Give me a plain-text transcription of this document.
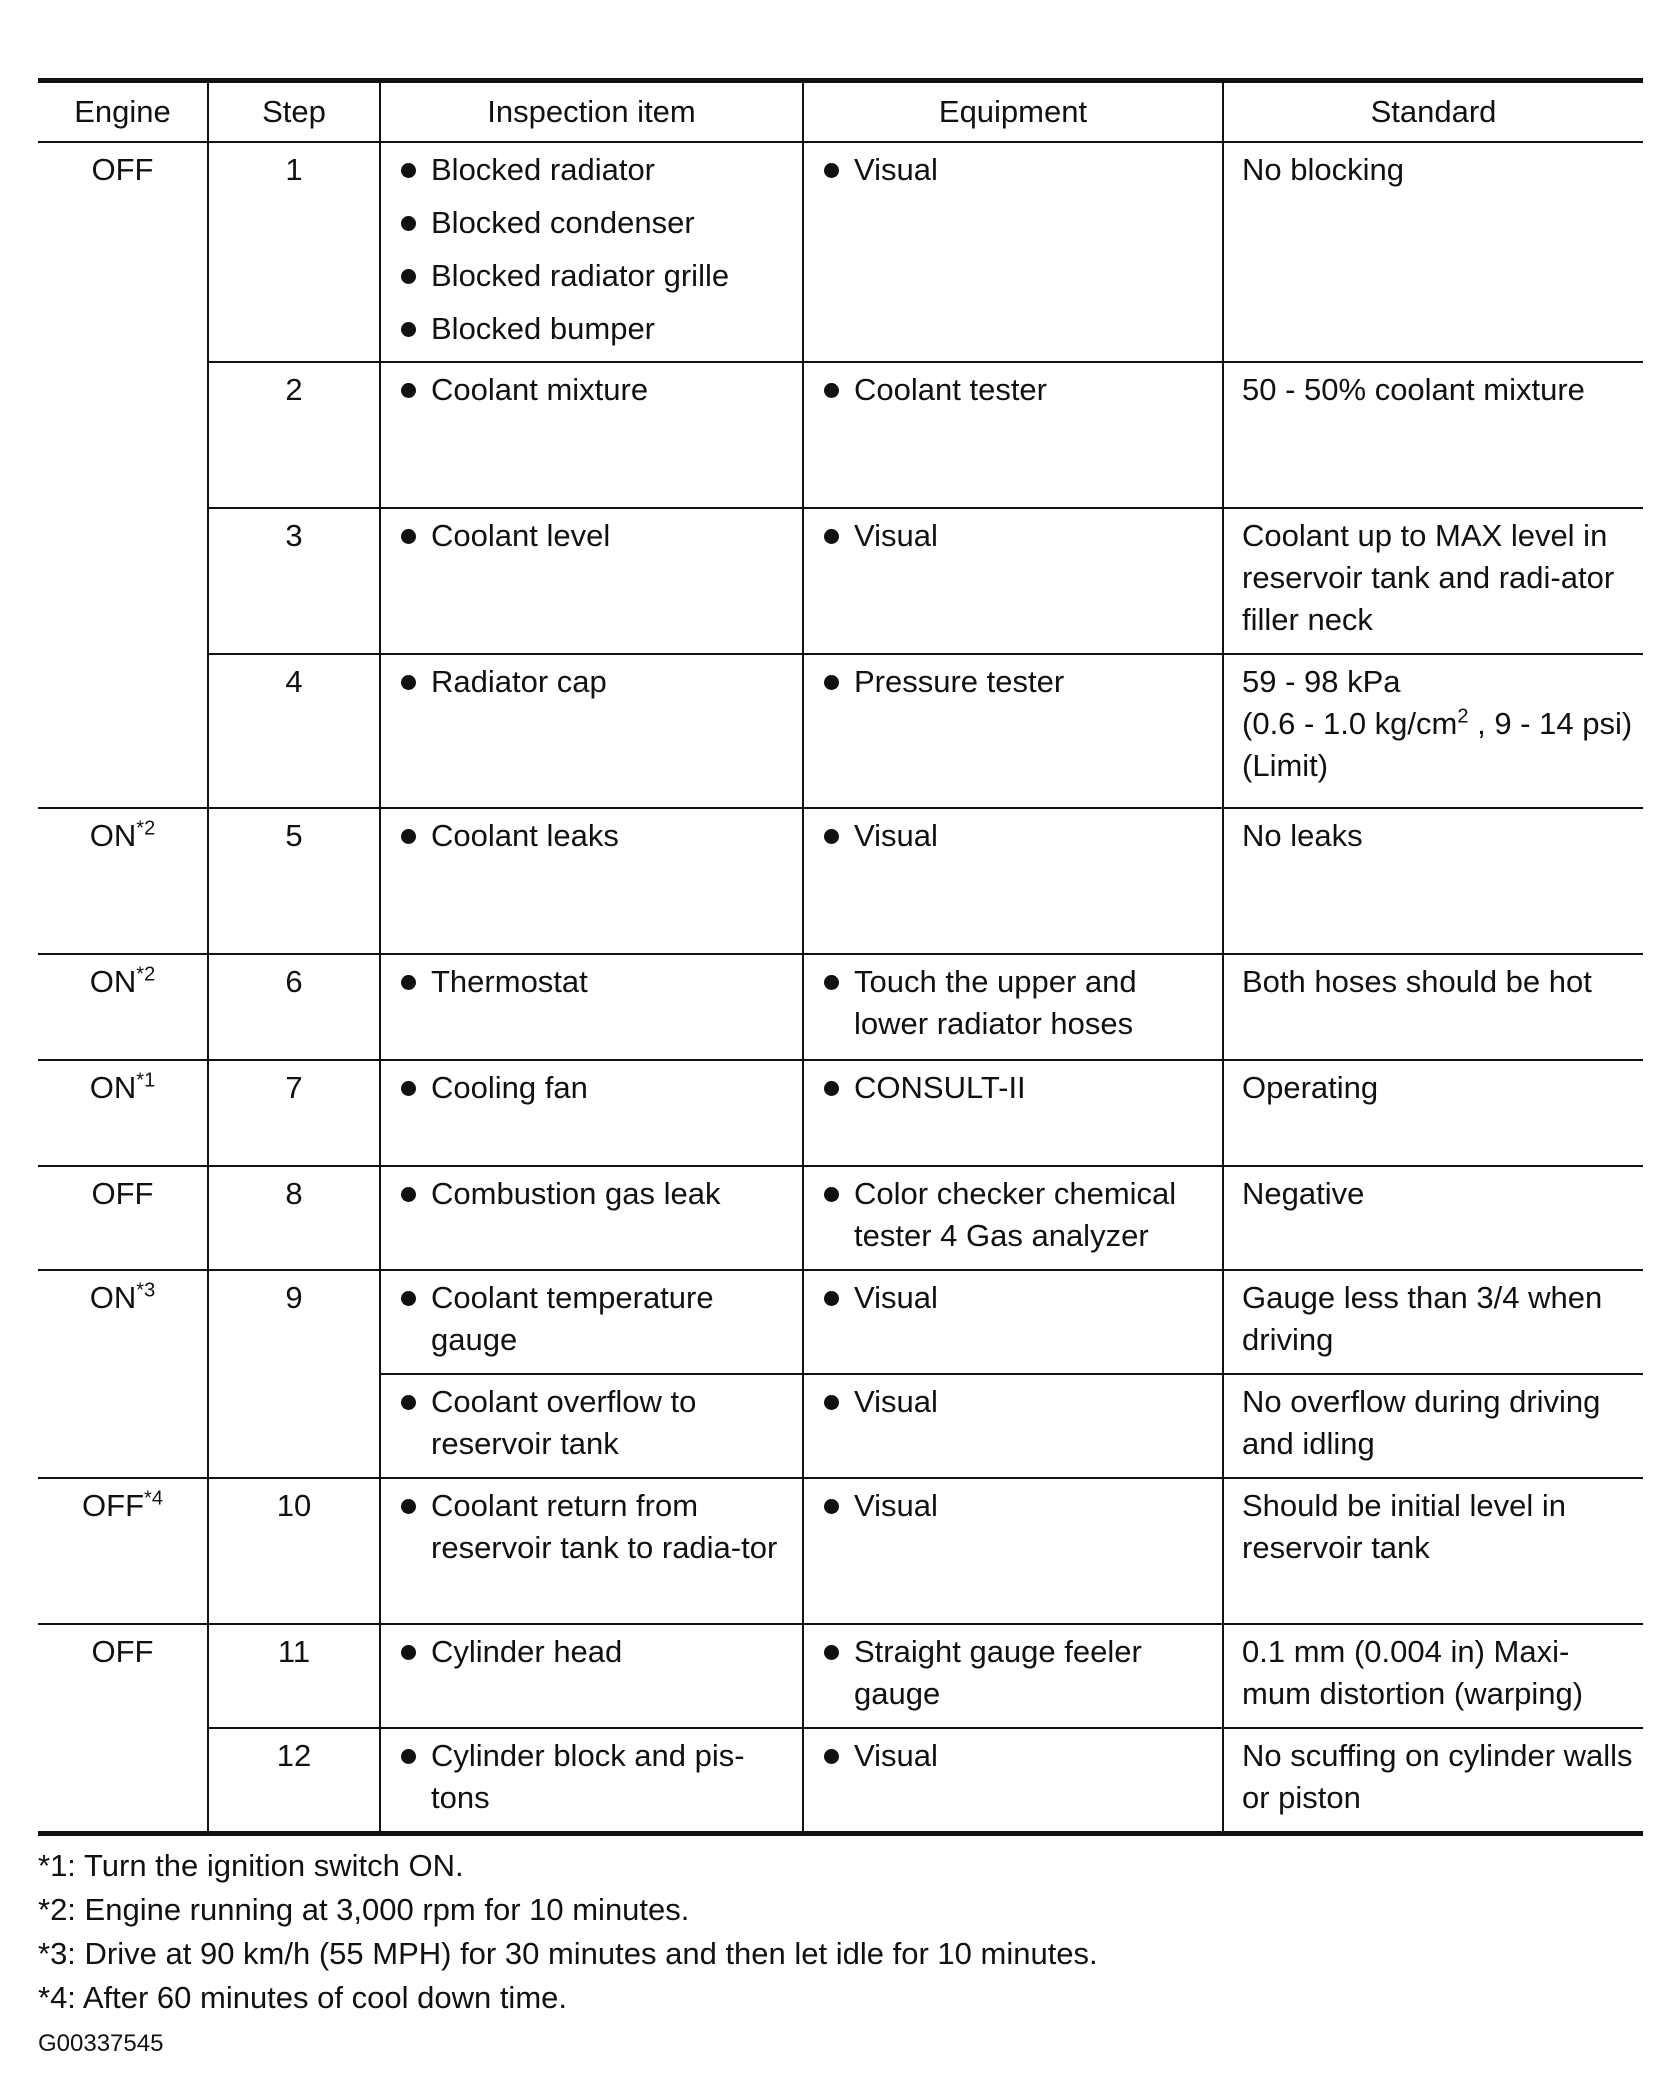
Engine	Step	Inspection item	Equipment	Standard
OFF	1	Blocked radiator
Blocked condenser
Blocked radiator grille
Blocked bumper	Visual	No blocking
	2	Coolant mixture	Coolant tester	50 - 50% coolant mixture
	3	Coolant level	Visual	Coolant up to MAX level in reservoir tank and radi-ator filler neck
	4	Radiator cap	Pressure tester	59 - 98 kPa
(0.6 - 1.0 $kg/cm^2$ , 9 - 14 psi) (Limit)

ON$^{*2}$	5	Coolant leaks	Visual	No leaks
ON$^{*2}$	6	Thermostat	Touch the upper and lower radiator hoses	Both hoses should be hot
ON$^{*1}$	7	Cooling fan	CONSULT-II	Operating
OFF	8	Combustion gas leak	Color checker chemical tester 4 Gas analyzer	Negative
ON$^{*3}$	9	Coolant temperature gauge	Visual	Gauge less than 3/4 when driving

		Coolant overflow to reservoir tank	Visual	No overflow during driving and idling
OFF$^{*4}$	10	Coolant return from reservoir tank to radia-tor	Visual	Should be initial level in reservoir tank
OFF	11	Cylinder head	Straight gauge feeler gauge	0.1 mm (0.004 in) Maxi-mum distortion (warping)
	12	Cylinder block and pis-tons	Visual	No scuffing on cylinder walls or piston
*1: Turn the ignition switch ON.
*2: Engine running at 3,000 rpm for 10 minutes.
*3: Drive at 90 km/h (55 MPH) for 30 minutes and then let idle for 10 minutes.
*4: After 60 minutes of cool down time.
G00337545
